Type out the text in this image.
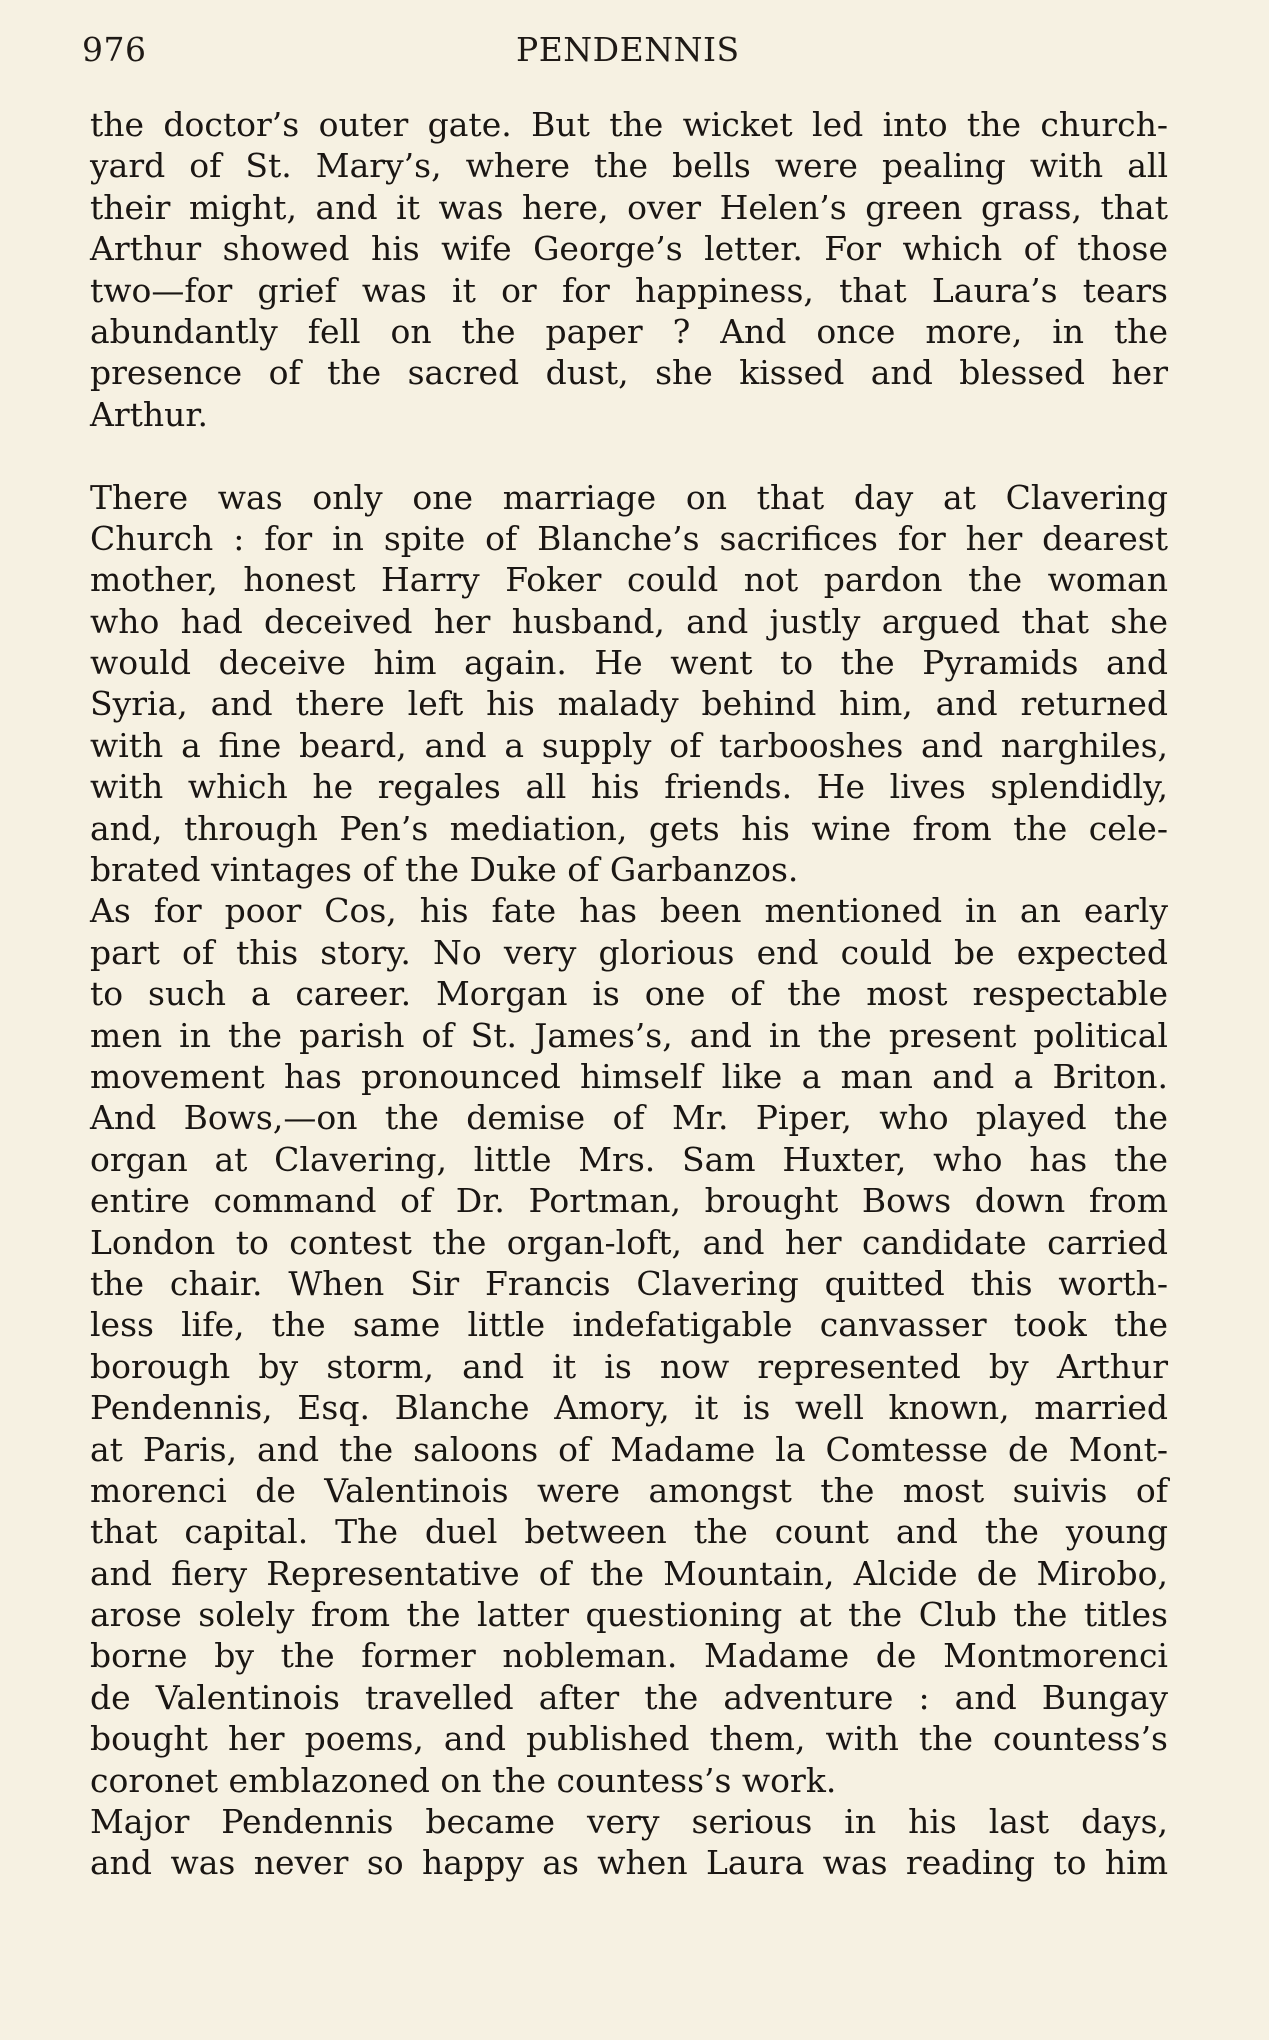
976	PENDENNIS
the doctor’s outer gate. But the wicket led into the church-
yard of St. Mary’s, where the bells were pealing with all
their might, and it was here, over Helen’s green grass, that
Arthur showed his wife George’s letter. For which of those
two—for grief was it or for happiness, that Laura’s tears
abundantly fell on the paper ? And once more, in the
presence of the sacred dust, she kissed and blessed her
Arthur.
There was only one marriage on that day at Clavering
Church : for in spite of Blanche’s sacrifices for her dearest
mother, honest Harry Foker could not pardon the woman
who had deceived her husband, and justly argued that she
would deceive him again. He went to the Pyramids and
Syria, and there left his malady behind him, and returned
with a fine beard, and a supply of tarbooshes and narghiles,
with which he regales all his friends. He lives splendidly,
and, through Pen’s mediation, gets his wine from the cele-
brated vintages of the Duke of Garbanzos.
As for poor Cos, his fate has been mentioned in an early
part of this story. No very glorious end could be expected
to such a career. Morgan is one of the most respectable
men in the parish of St. James’s, and in the present political
movement has pronounced himself like a man and a Briton.
And Bows,—on the demise of Mr. Piper, who played the
organ at Clavering, little Mrs. Sam Huxter, who has the
entire command of Dr. Portman, brought Bows down from
London to contest the organ-loft, and her candidate carried
the chair. When Sir Francis Clavering quitted this worth-
less life, the same little indefatigable canvasser took the
borough by storm, and it is now represented by Arthur
Pendennis, Esq. Blanche Amory, it is well known, married
at Paris, and the saloons of Madame la Comtesse de Mont-
morenci de Valentinois were amongst the most suivis of
that capital. The duel between the count and the young
and fiery Representative of the Mountain, Alcide de Mirobo,
arose solely from the latter questioning at the Club the titles
borne by the former nobleman. Madame de Montmorenci
de Valentinois travelled after the adventure : and Bungay
bought her poems, and published them, with the countess’s
coronet emblazoned on the countess’s work.
Major Pendennis became very serious in his last days,
and was never so happy as when Laura was reading to him
